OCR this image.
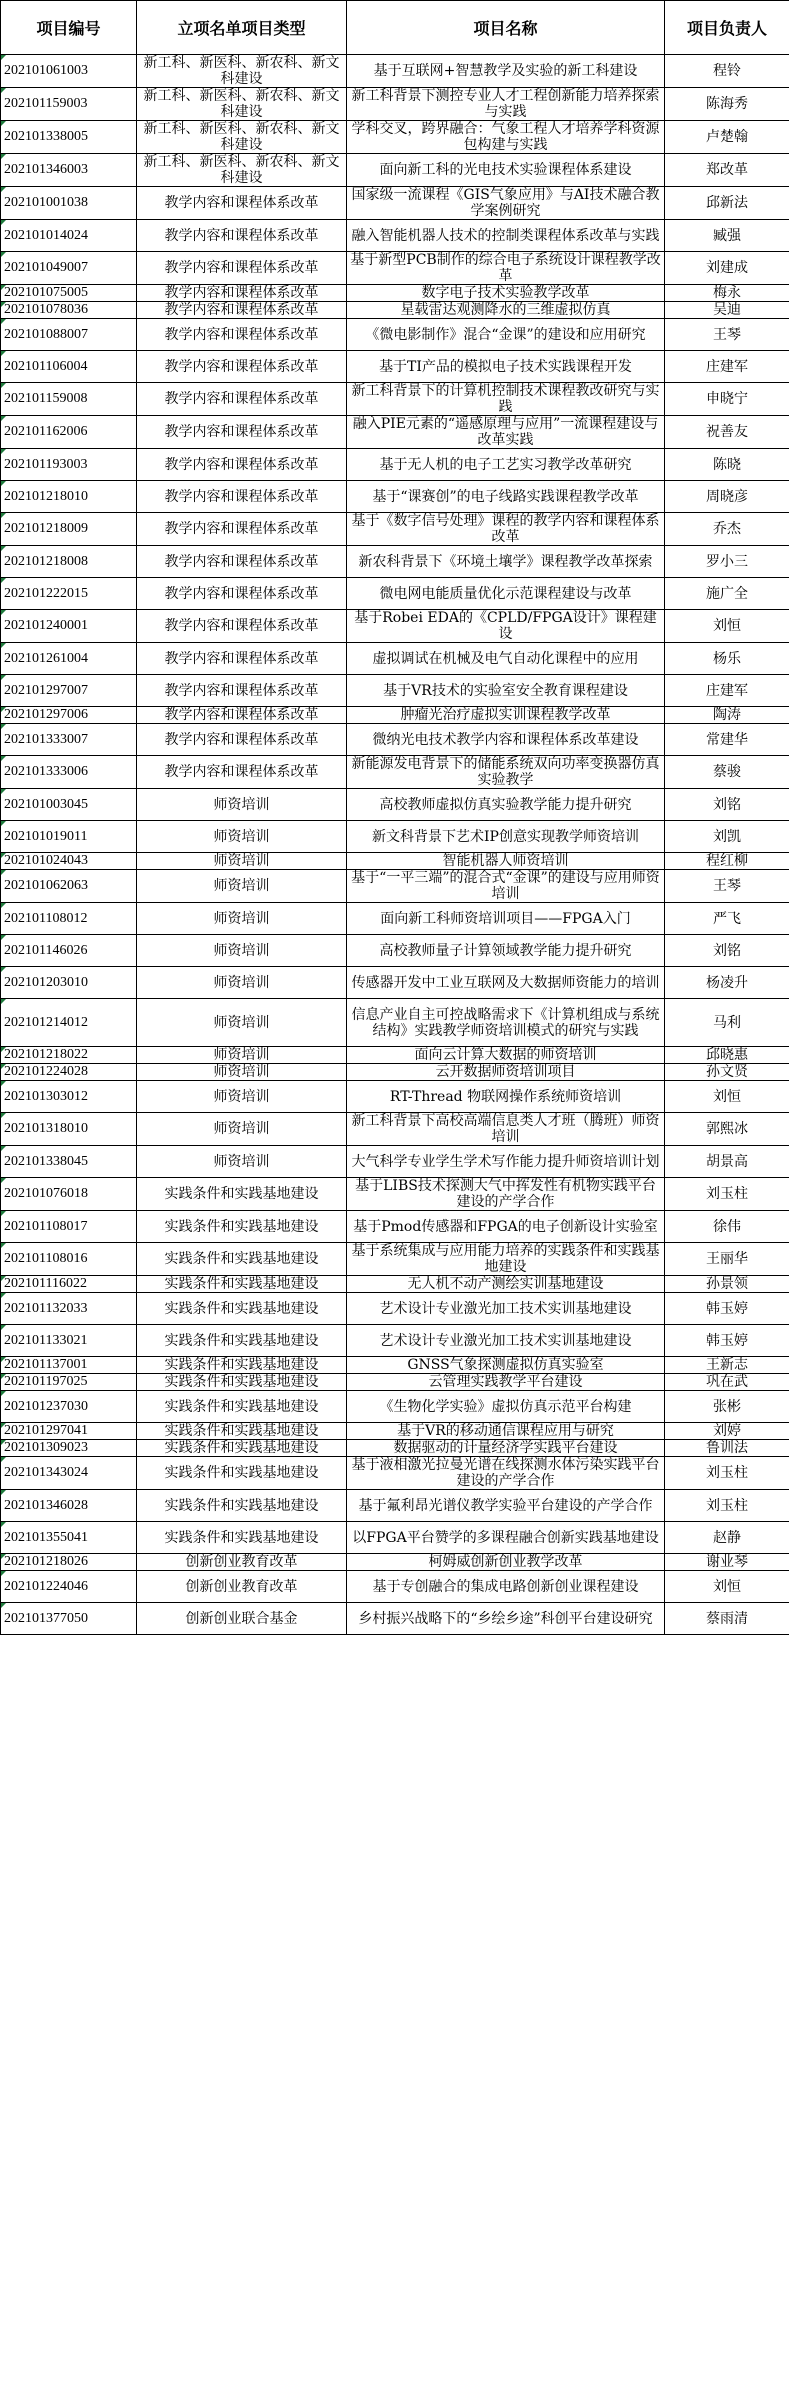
项目编号	立项名单项目类型	项目名称	项目负责人
202101061003	新工科、新医科、新农科、新文科建设	基于互联网+智慧教学及实验的新工科建设	程铃
202101159003	新工科、新医科、新农科、新文科建设	新工科背景下测控专业人才工程创新能力培养探索与实践	陈海秀
202101338005	新工科、新医科、新农科、新文科建设	学科交叉，跨界融合：气象工程人才培养学科资源包构建与实践	卢楚翰
202101346003	新工科、新医科、新农科、新文科建设	面向新工科的光电技术实验课程体系建设	郑改革
202101001038	教学内容和课程体系改革	国家级一流课程《GIS气象应用》与AI技术融合教学案例研究	邱新法
202101014024	教学内容和课程体系改革	融入智能机器人技术的控制类课程体系改革与实践	臧强
202101049007	教学内容和课程体系改革	基于新型PCB制作的综合电子系统设计课程教学改革	刘建成
202101075005	教学内容和课程体系改革	数字电子技术实验教学改革	梅永
202101078036	教学内容和课程体系改革	星载雷达观测降水的三维虚拟仿真	吴迪
202101088007	教学内容和课程体系改革	《微电影制作》混合“金课”的建设和应用研究	王琴
202101106004	教学内容和课程体系改革	基于TI产品的模拟电子技术实践课程开发	庄建军
202101159008	教学内容和课程体系改革	新工科背景下的计算机控制技术课程教改研究与实践	申晓宁
202101162006	教学内容和课程体系改革	融入PIE元素的“遥感原理与应用”一流课程建设与改革实践	祝善友
202101193003	教学内容和课程体系改革	基于无人机的电子工艺实习教学改革研究	陈晓
202101218010	教学内容和课程体系改革	基于“课赛创”的电子线路实践课程教学改革	周晓彦
202101218009	教学内容和课程体系改革	基于《数字信号处理》课程的教学内容和课程体系改革	乔杰
202101218008	教学内容和课程体系改革	新农科背景下《环境土壤学》课程教学改革探索	罗小三
202101222015	教学内容和课程体系改革	微电网电能质量优化示范课程建设与改革	施广全
202101240001	教学内容和课程体系改革	基于Robei EDA的《CPLD/FPGA设计》课程建设	刘恒
202101261004	教学内容和课程体系改革	虚拟调试在机械及电气自动化课程中的应用	杨乐
202101297007	教学内容和课程体系改革	基于VR技术的实验室安全教育课程建设	庄建军
202101297006	教学内容和课程体系改革	肿瘤光治疗虚拟实训课程教学改革	陶涛
202101333007	教学内容和课程体系改革	微纳光电技术教学内容和课程体系改革建设	常建华
202101333006	教学内容和课程体系改革	新能源发电背景下的储能系统双向功率变换器仿真实验教学	蔡骏
202101003045	师资培训	高校教师虚拟仿真实验教学能力提升研究	刘铭
202101019011	师资培训	新文科背景下艺术IP创意实现教学师资培训	刘凯
202101024043	师资培训	智能机器人师资培训	程红柳
202101062063	师资培训	基于“一平三端”的混合式“金课”的建设与应用师资培训	王琴
202101108012	师资培训	面向新工科师资培训项目——FPGA入门	严飞
202101146026	师资培训	高校教师量子计算领域教学能力提升研究	刘铭
202101203010	师资培训	传感器开发中工业互联网及大数据师资能力的培训	杨凌升
202101214012	师资培训	信息产业自主可控战略需求下《计算机组成与系统结构》实践教学师资培训模式的研究与实践	马利
202101218022	师资培训	面向云计算大数据的师资培训	邱晓惠
202101224028	师资培训	云开数据师资培训项目	孙文贤
202101303012	师资培训	RT-Thread 物联网操作系统师资培训	刘恒
202101318010	师资培训	新工科背景下高校高端信息类人才班（腾班）师资培训	郭熙冰
202101338045	师资培训	大气科学专业学生学术写作能力提升师资培训计划	胡景高
202101076018	实践条件和实践基地建设	基于LIBS技术探测大气中挥发性有机物实践平台建设的产学合作	刘玉柱
202101108017	实践条件和实践基地建设	基于Pmod传感器和FPGA的电子创新设计实验室	徐伟
202101108016	实践条件和实践基地建设	基于系统集成与应用能力培养的实践条件和实践基地建设	王丽华
202101116022	实践条件和实践基地建设	无人机不动产测绘实训基地建设	孙景领
202101132033	实践条件和实践基地建设	艺术设计专业激光加工技术实训基地建设	韩玉婷
202101133021	实践条件和实践基地建设	艺术设计专业激光加工技术实训基地建设	韩玉婷
202101137001	实践条件和实践基地建设	GNSS气象探测虚拟仿真实验室	王新志
202101197025	实践条件和实践基地建设	云管理实践教学平台建设	巩在武
202101237030	实践条件和实践基地建设	《生物化学实验》虚拟仿真示范平台构建	张彬
202101297041	实践条件和实践基地建设	基于VR的移动通信课程应用与研究	刘婷
202101309023	实践条件和实践基地建设	数据驱动的计量经济学实践平台建设	鲁训法
202101343024	实践条件和实践基地建设	基于液相激光拉曼光谱在线探测水体污染实践平台建设的产学合作	刘玉柱
202101346028	实践条件和实践基地建设	基于氟利昂光谱仪教学实验平台建设的产学合作	刘玉柱
202101355041	实践条件和实践基地建设	以FPGA平台赞学的多课程融合创新实践基地建设	赵静
202101218026	创新创业教育改革	柯姆威创新创业教学改革	谢业琴
202101224046	创新创业教育改革	基于专创融合的集成电路创新创业课程建设	刘恒
202101377050	创新创业联合基金	乡村振兴战略下的“乡绘乡途”科创平台建设研究	蔡雨清
